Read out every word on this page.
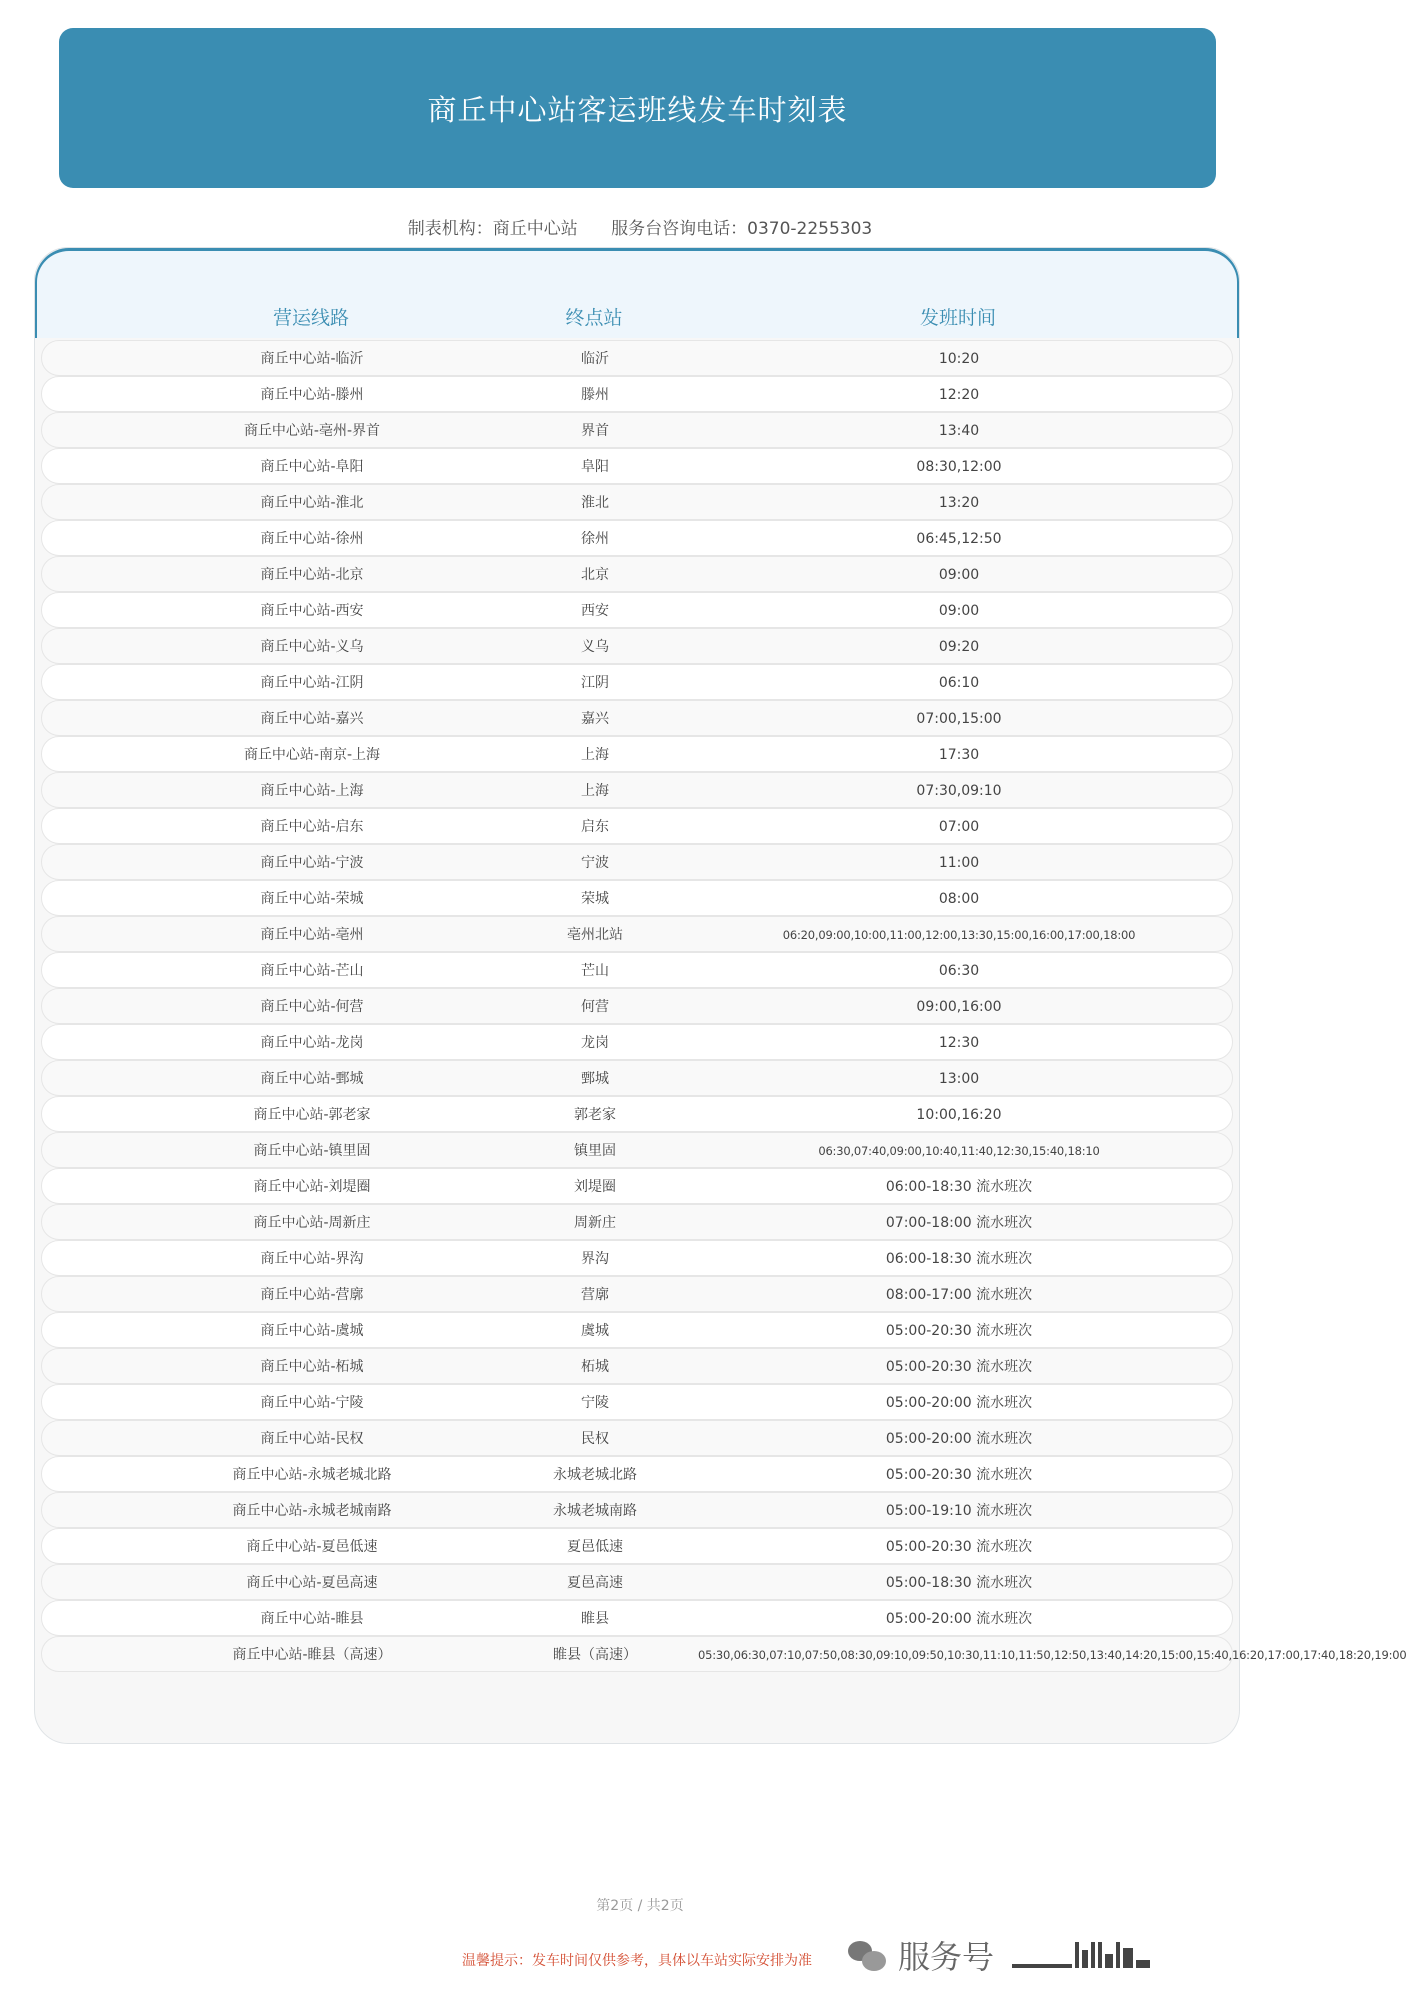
商丘中心站客运班线发车时刻表
制表机构：商丘中心站 服务台咨询电话：0370-2255303
营运线路	终点站	发班时间
商丘中心站-临沂	临沂	10:20
商丘中心站-滕州	滕州	12:20
商丘中心站-亳州-界首	界首	13:40
商丘中心站-阜阳	阜阳	08:30,12:00
商丘中心站-淮北	淮北	13:20
商丘中心站-徐州	徐州	06:45,12:50
商丘中心站-北京	北京	09:00
商丘中心站-西安	西安	09:00
商丘中心站-义乌	义乌	09:20
商丘中心站-江阴	江阴	06:10
商丘中心站-嘉兴	嘉兴	07:00,15:00
商丘中心站-南京-上海	上海	17:30
商丘中心站-上海	上海	07:30,09:10
商丘中心站-启东	启东	07:00
商丘中心站-宁波	宁波	11:00
商丘中心站-荣城	荣城	08:00
商丘中心站-亳州	亳州北站	06:20,09:00,10:00,11:00,12:00,13:30,15:00,16:00,17:00,18:00
商丘中心站-芒山	芒山	06:30
商丘中心站-何营	何营	09:00,16:00
商丘中心站-龙岗	龙岗	12:30
商丘中心站-鄄城	鄄城	13:00
商丘中心站-郭老家	郭老家	10:00,16:20
商丘中心站-镇里固	镇里固	06:30,07:40,09:00,10:40,11:40,12:30,15:40,18:10
商丘中心站-刘堤圈	刘堤圈	06:00-18:30 流水班次
商丘中心站-周新庄	周新庄	07:00-18:00 流水班次
商丘中心站-界沟	界沟	06:00-18:30 流水班次
商丘中心站-营廓	营廓	08:00-17:00 流水班次
商丘中心站-虞城	虞城	05:00-20:30 流水班次
商丘中心站-柘城	柘城	05:00-20:30 流水班次
商丘中心站-宁陵	宁陵	05:00-20:00 流水班次
商丘中心站-民权	民权	05:00-20:00 流水班次
商丘中心站-永城老城北路	永城老城北路	05:00-20:30 流水班次
商丘中心站-永城老城南路	永城老城南路	05:00-19:10 流水班次
商丘中心站-夏邑低速	夏邑低速	05:00-20:30 流水班次
商丘中心站-夏邑高速	夏邑高速	05:00-18:30 流水班次
商丘中心站-睢县	睢县	05:00-20:00 流水班次
商丘中心站-睢县（高速）	睢县（高速）	05:30,06:30,07:10,07:50,08:30,09:10,09:50,10:30,11:10,11:50,12:50,13:40,14:20,15:00,15:40,16:20,17:00,17:40,18:20,19:00
第2页 / 共2页
温馨提示：发车时间仅供参考，具体以车站实际安排为准	服务号
